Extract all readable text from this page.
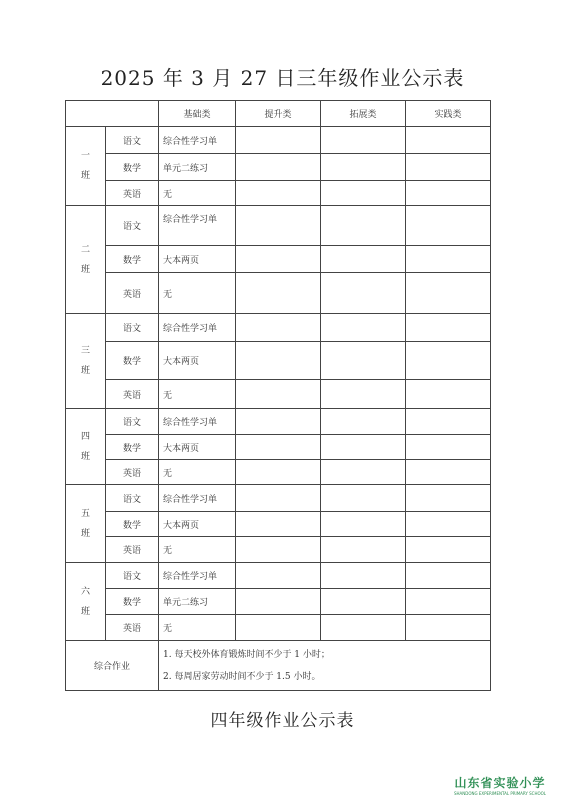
2025 年 3 月 27 日三年级作业公示表
		基础类	提升类	拓展类	实践类
一
班	语文	综合性学习单			
	数学	单元二练习			
	英语	无			
二
班	语文	综合性学习单			
	数学	大本两页			
	英语	无			
三
班	语文	综合性学习单			
	数学	大本两页			
	英语	无			
四
班	语文	综合性学习单			
	数学	大本两页			
	英语	无			
五
班	语文	综合性学习单			
	数学	大本两页			
	英语	无			
六
班	语文	综合性学习单			
	数学	单元二练习			
	英语	无			
综合作业		1. 每天校外体育锻炼时间不少于 1 小时；
2. 每周居家劳动时间不少于 1.5 小时。			
四年级作业公示表
山东省实验小学
SHANDONG EXPERIMENTAL PRIMARY SCHOOL
